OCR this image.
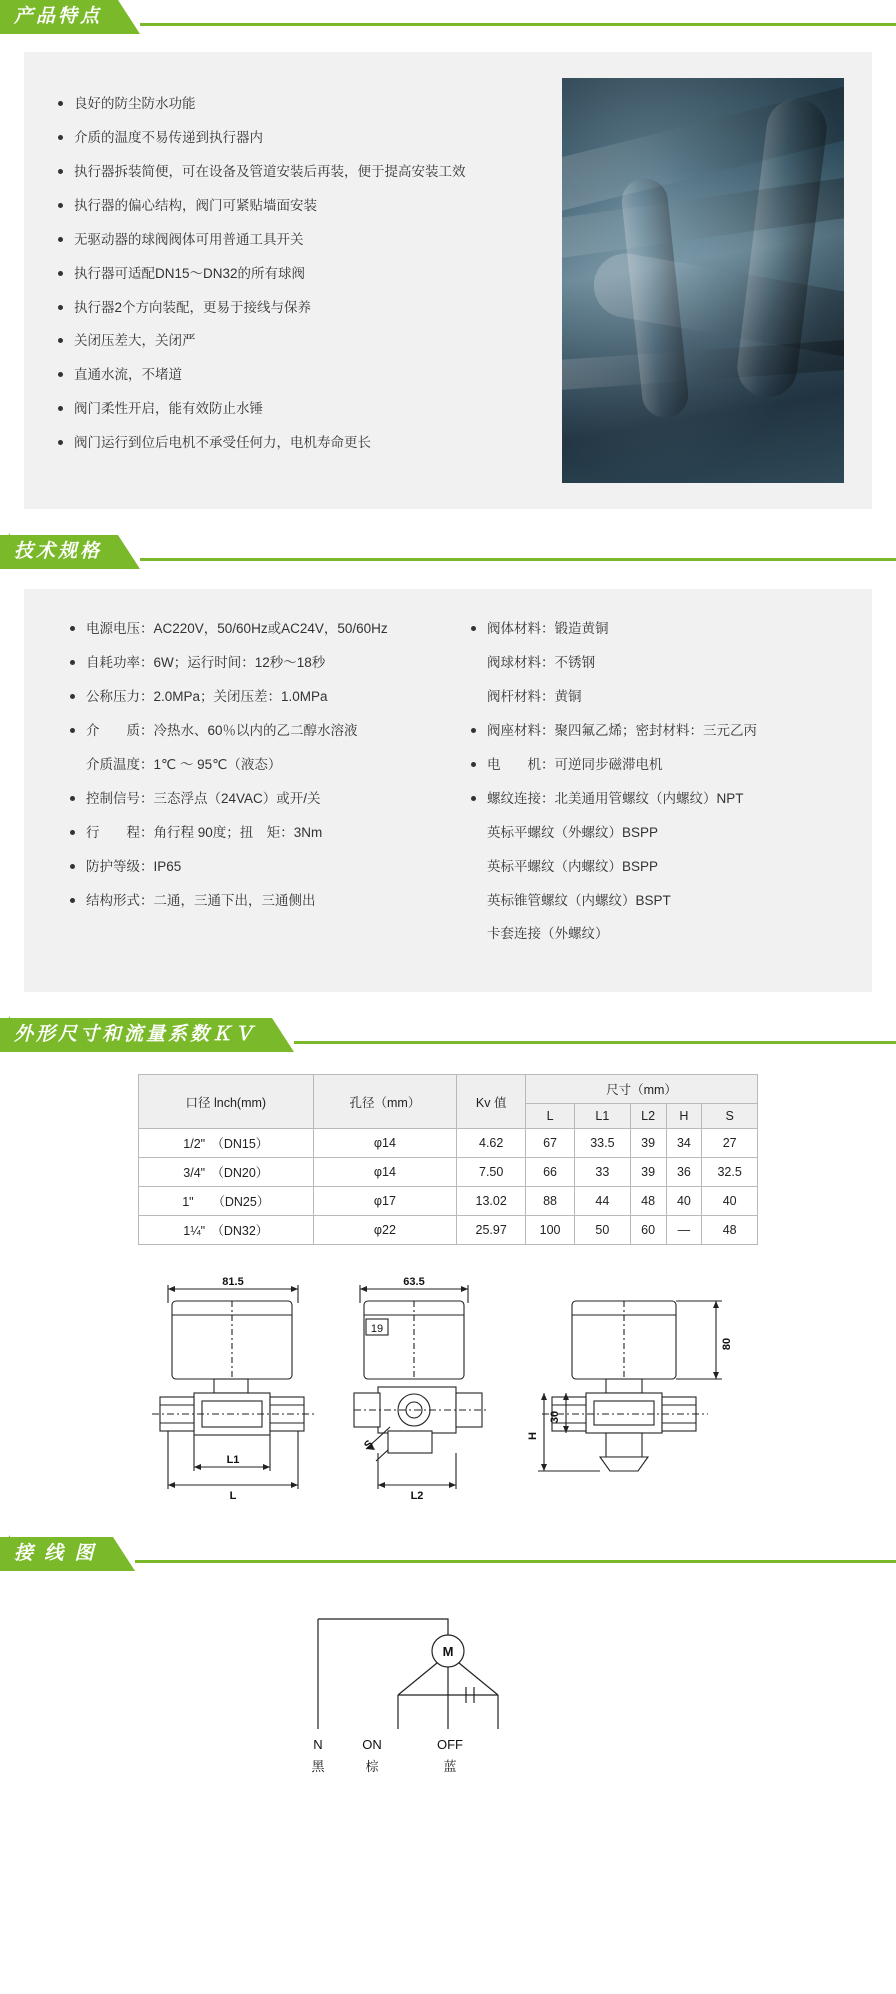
产品特点
良好的防尘防水功能
介质的温度不易传递到执行器内
执行器拆装简便，可在设备及管道安装后再装，便于提高安装工效
执行器的偏心结构，阀门可紧贴墙面安装
无驱动器的球阀阀体可用普通工具开关
执行器可适配DN15～DN32的所有球阀
执行器2个方向装配，更易于接线与保养
关闭压差大，关闭严
直通水流，不堵道
阀门柔性开启，能有效防止水锤
阀门运行到位后电机不承受任何力，电机寿命更长
技术规格
电源电压：AC220V，50/60Hz或AC24V，50/60Hz
自耗功率：6W；运行时间：12秒～18秒
公称压力：2.0MPa；关闭压差：1.0MPa
介　　质：冷热水、60％以内的乙二醇水溶液
介质温度：1℃ ～ 95℃（液态）
控制信号：三态浮点（24VAC）或开/关
行　　程：角行程 90度；扭　矩：3Nm
防护等级：IP65
结构形式：二通，三通下出，三通侧出
阀体材料：锻造黄铜
阀球材料：不锈钢
阀杆材料：黄铜
阀座材料：聚四氟乙烯；密封材料：三元乙丙
电　　机：可逆同步磁滞电机
螺纹连接：北美通用管螺纹（内螺纹）NPT
英标平螺纹（外螺纹）BSPP
英标平螺纹（内螺纹）BSPP
英标锥管螺纹（内螺纹）BSPT
卡套连接（外螺纹）
外形尺寸和流量系数ＫＶ
口径 lnch(mm)	孔径（mm）	Kv 值	尺寸（mm）				
			L	L1	L2	H	S
1/2"　（DN15）	φ14	4.62	67	33.5	39	34	27
3/4"　（DN20）	φ14	7.50	66	33	39	36	32.5
1"　　（DN25）	φ17	13.02	88	44	48	40	40
1¼"　（DN32）	φ22	25.97	100	50	60	—	48
81.5	63.5
19
L1
L	L2
S
80
30
H
接 线 图
M
N	ON	OFF
黑	棕	蓝
